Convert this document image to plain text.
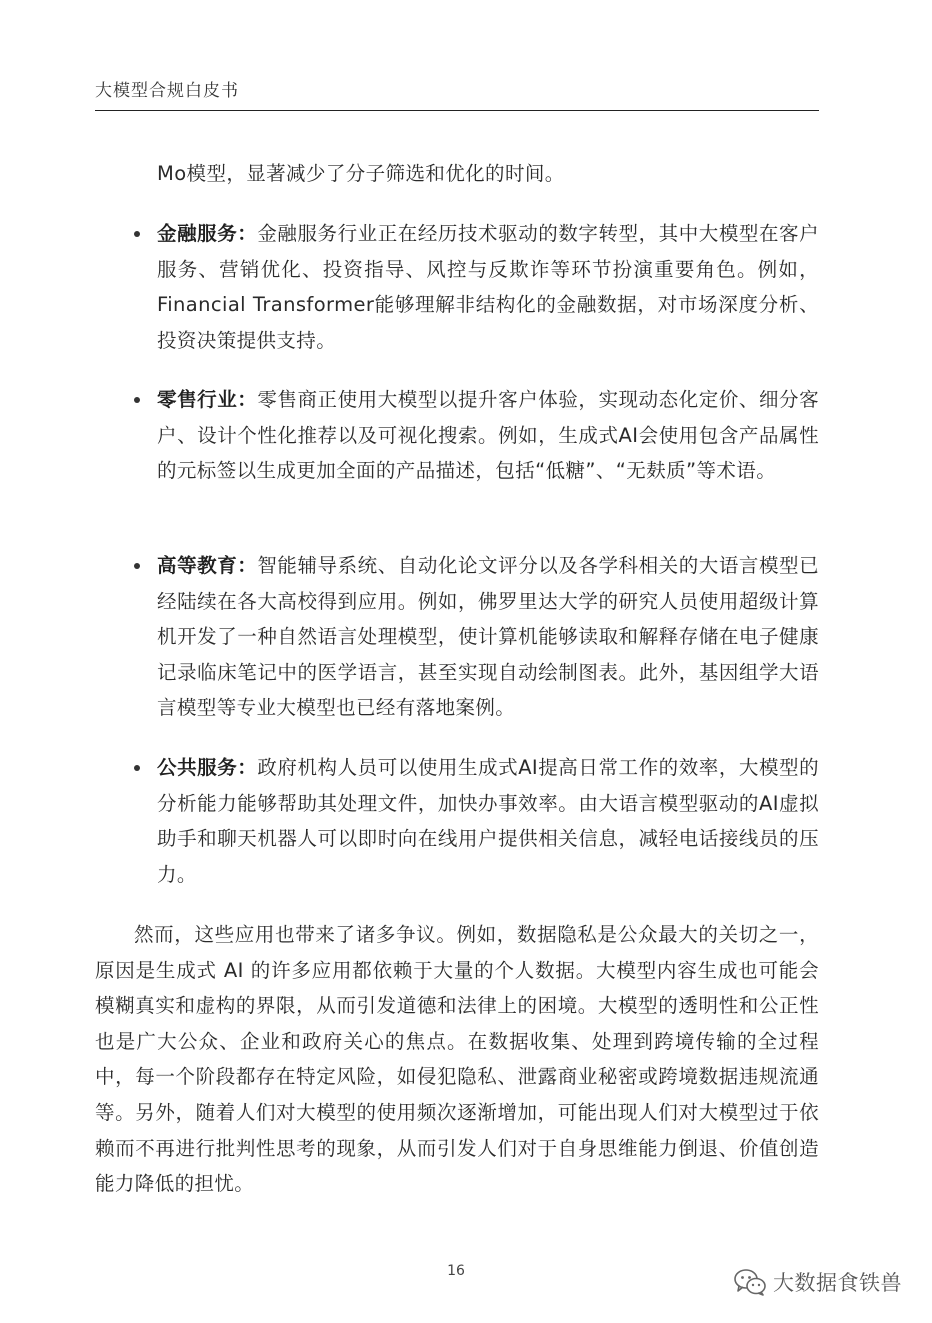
大模型合规白皮书
Mo模型，显著减少了分子筛选和优化的时间。
金融服务：金融服务行业正在经历技术驱动的数字转型，其中大模型在客户服务、营销优化、投资指导、风控与反欺诈等环节扮演重要角色。例如，Financial Transformer能够理解非结构化的金融数据，对市场深度分析、投资决策提供支持。
零售行业：零售商正使用大模型以提升客户体验，实现动态化定价、细分客户、设计个性化推荐以及可视化搜索。例如，生成式AI会使用包含产品属性的元标签以生成更加全面的产品描述，包括“低糖”、“无麸质”等术语。
高等教育：智能辅导系统、自动化论文评分以及各学科相关的大语言模型已经陆续在各大高校得到应用。例如，佛罗里达大学的研究人员使用超级计算机开发了一种自然语言处理模型，使计算机能够读取和解释存储在电子健康记录临床笔记中的医学语言，甚至实现自动绘制图表。此外，基因组学大语言模型等专业大模型也已经有落地案例。
公共服务：政府机构人员可以使用生成式AI提高日常工作的效率，大模型的分析能力能够帮助其处理文件，加快办事效率。由大语言模型驱动的AI虚拟助手和聊天机器人可以即时向在线用户提供相关信息，减轻电话接线员的压力。
然而，这些应用也带来了诸多争议。例如，数据隐私是公众最大的关切之一，原因是生成式 AI 的许多应用都依赖于大量的个人数据。大模型内容生成也可能会模糊真实和虚构的界限，从而引发道德和法律上的困境。大模型的透明性和公正性也是广大公众、企业和政府关心的焦点。在数据收集、处理到跨境传输的全过程中，每一个阶段都存在特定风险，如侵犯隐私、泄露商业秘密或跨境数据违规流通等。另外，随着人们对大模型的使用频次逐渐增加，可能出现人们对大模型过于依赖而不再进行批判性思考的现象，从而引发人们对于自身思维能力倒退、价值创造能力降低的担忧。
16	大数据食铁兽
